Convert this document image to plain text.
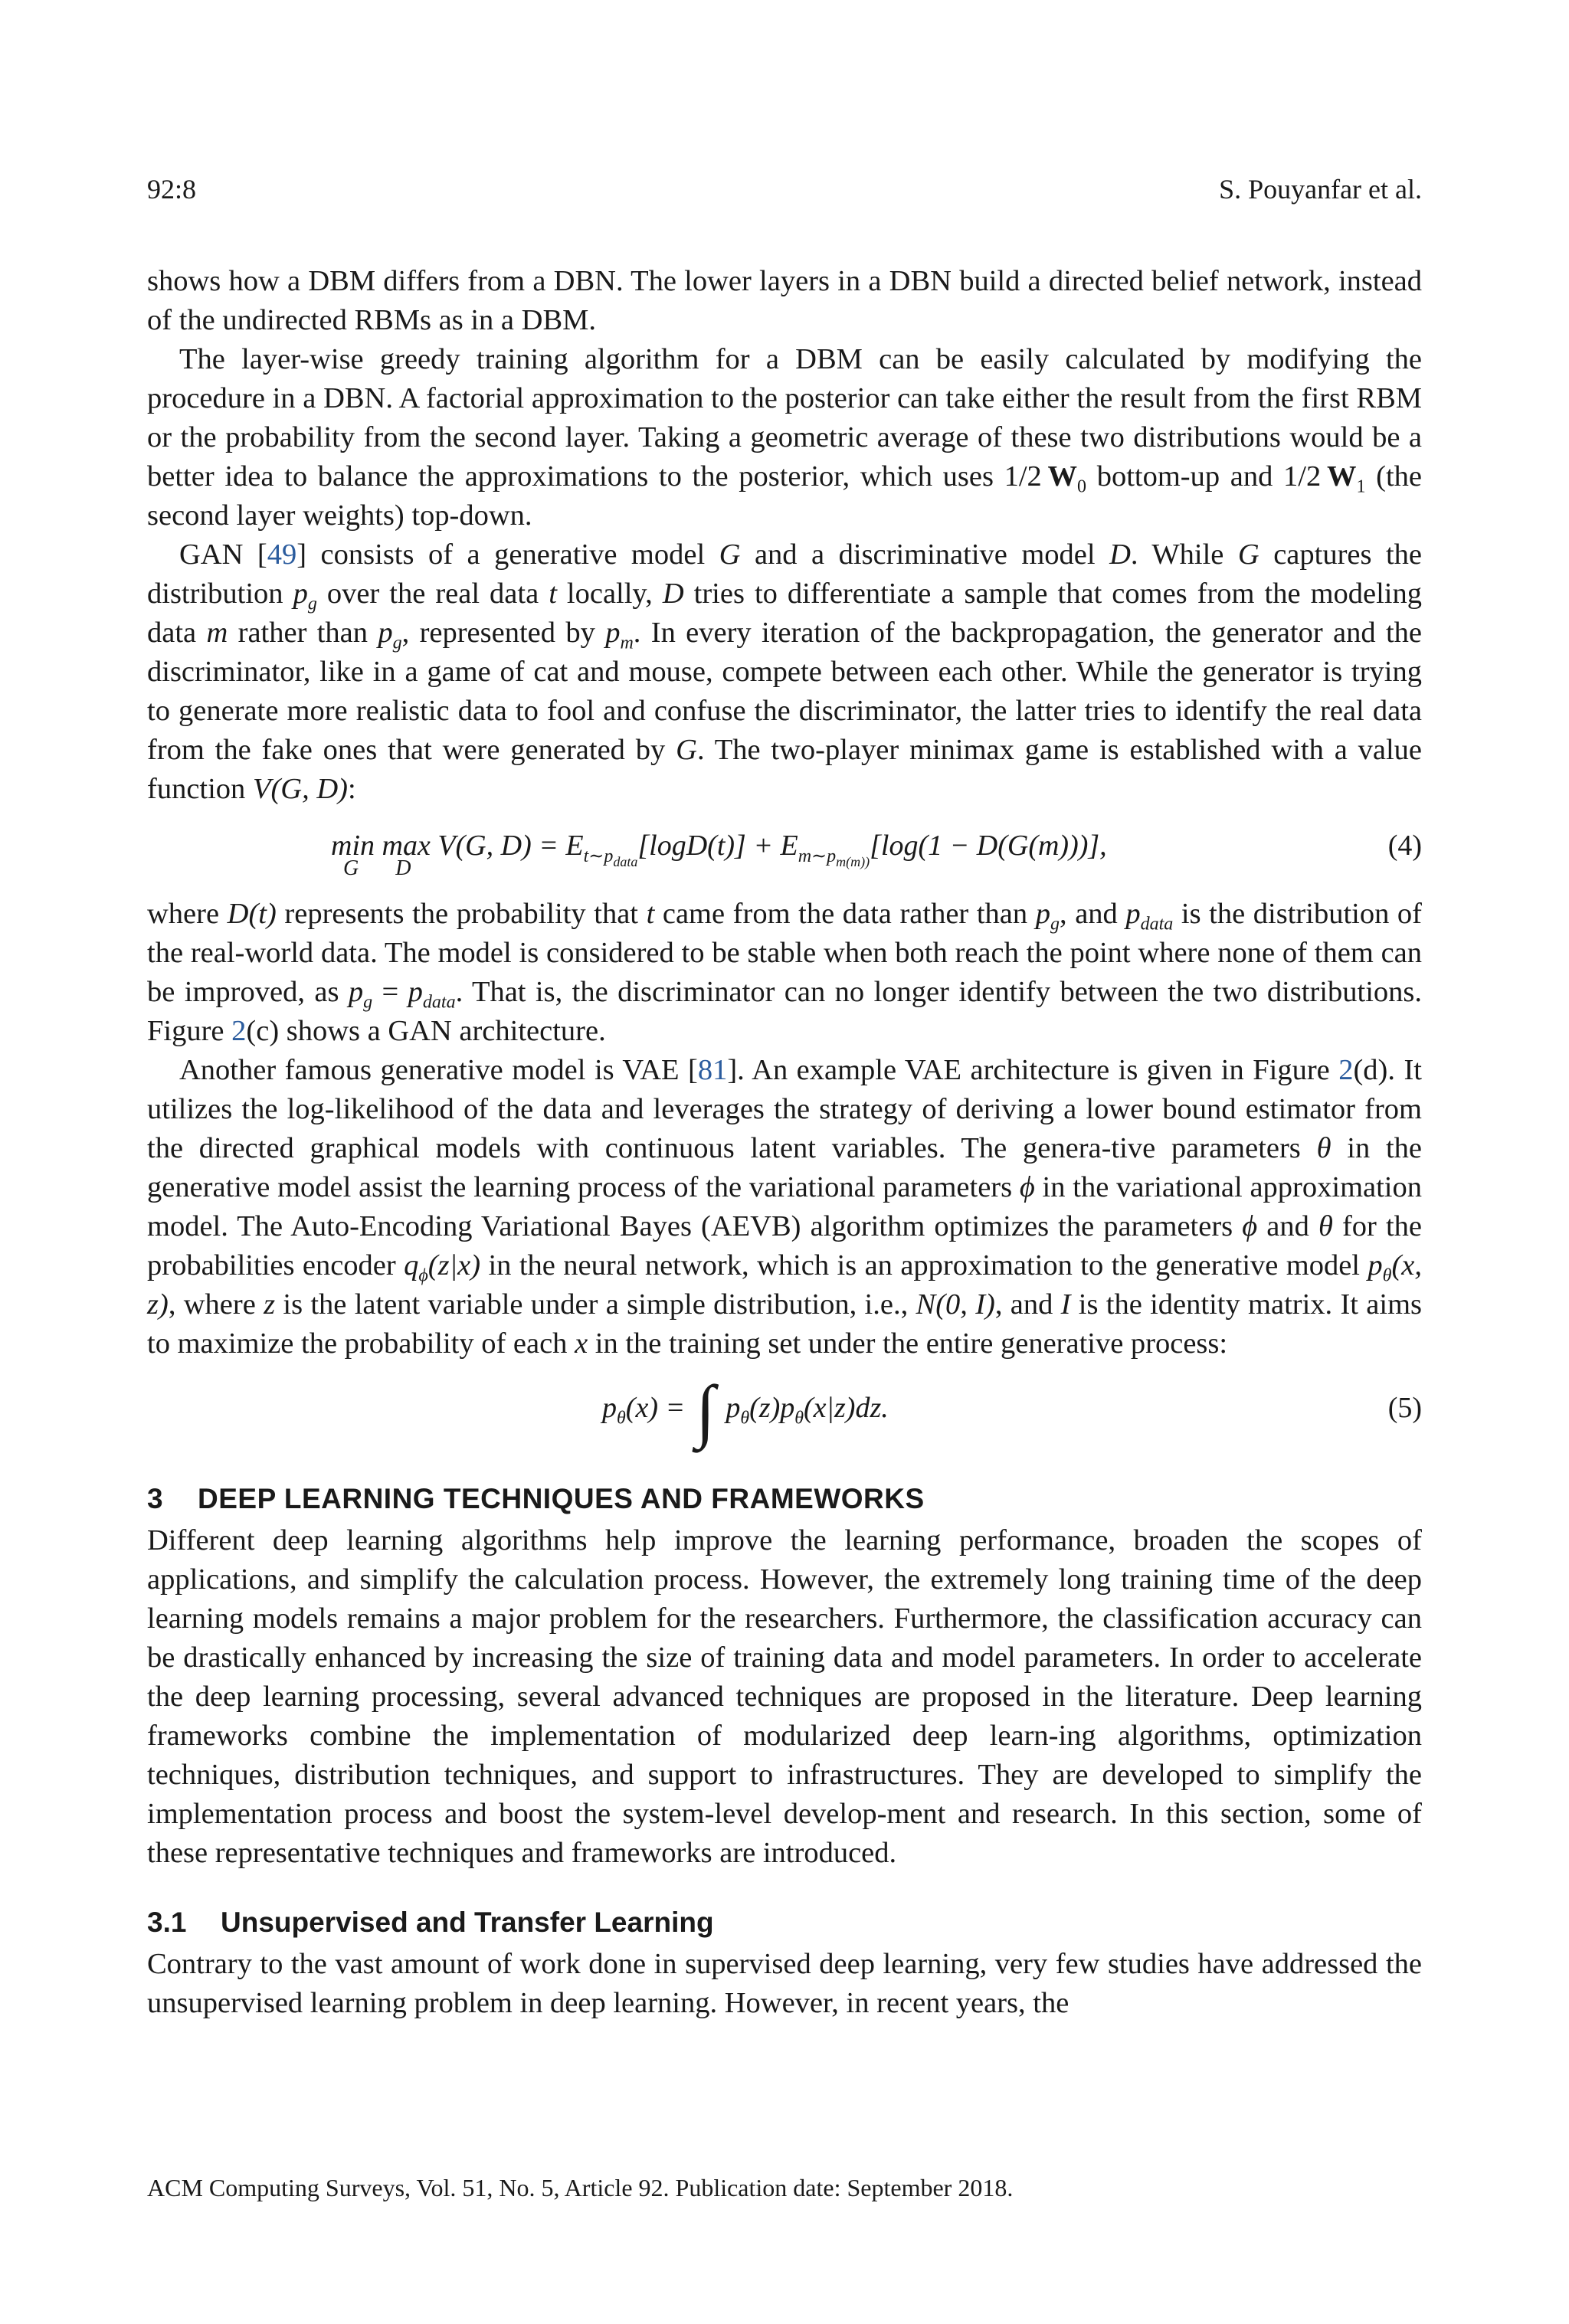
92:8	S. Pouyanfar et al.

shows how a DBM differs from a DBN. The lower layers in a DBN build a directed belief network, instead of the undirected RBMs as in a DBM.

The layer-wise greedy training algorithm for a DBM can be easily calculated by modifying the procedure in a DBN. A factorial approximation to the posterior can take either the result from the first RBM or the probability from the second layer. Taking a geometric average of these two distributions would be a better idea to balance the approximations to the posterior, which uses 1/2 $W_0$ bottom-up and 1/2 $W_1$ (the second layer weights) top-down.

GAN [49] consists of a generative model G and a discriminative model D. While G captures the distribution $p_g$ over the real data t locally, D tries to differentiate a sample that comes from the modeling data m rather than $p_g$, represented by $p_m$. In every iteration of the backpropagation, the generator and the discriminator, like in a game of cat and mouse, compete between each other. While the generator is trying to generate more realistic data to fool and confuse the discriminator, the latter tries to identify the real data from the fake ones that were generated by G. The two-player minimax game is established with a value function V(G, D):

min
G
max
D
V(G, $D) = E_{t\sim p_{data}}[\log D(t)] + E_{m\sim p_{m(m))}}[\log(1 - D(G(m)))]$,	(4)

where D(t) represents the probability that t came from the data rather than $p_g$, and $p_{data}$ is the distribution of the real-world data. The model is considered to be stable when both reach the point where none of them can be improved, as $p_g = p_{data}$. That is, the discriminator can no longer identify between the two distributions. Figure 2(c) shows a GAN architecture.

Another famous generative model is VAE [81]. An example VAE architecture is given in Figure 2(d). It utilizes the log-likelihood of the data and leverages the strategy of deriving a lower bound estimator from the directed graphical models with continuous latent variables. The genera-tive parameters θ in the generative model assist the learning process of the variational parameters ϕ in the variational approximation model. The Auto-Encoding Variational Bayes (AEVB) algorithm optimizes the parameters ϕ and θ for the probabilities encoder $q_\phi(z|x)$ in the neural network, which is an approximation to the generative model $p_\theta(x$, z), where z is the latent variable under a simple distribution, i.e., N(0, I), and I is the identity matrix. It aims to maximize the probability of each x in the training set under the entire generative process:

$p_\theta(x)$ = ∫ $p_\theta(z)p_\theta(x|z)dz$.	(5)
3 DEEP LEARNING TECHNIQUES AND FRAMEWORKS

Different deep learning algorithms help improve the learning performance, broaden the scopes of applications, and simplify the calculation process. However, the extremely long training time of the deep learning models remains a major problem for the researchers. Furthermore, the classification accuracy can be drastically enhanced by increasing the size of training data and model parameters. In order to accelerate the deep learning processing, several advanced techniques are proposed in the literature. Deep learning frameworks combine the implementation of modularized deep learn-ing algorithms, optimization techniques, distribution techniques, and support to infrastructures. They are developed to simplify the implementation process and boost the system-level develop-ment and research. In this section, some of these representative techniques and frameworks are introduced.

3.1 Unsupervised and Transfer Learning

Contrary to the vast amount of work done in supervised deep learning, very few studies have addressed the unsupervised learning problem in deep learning. However, in recent years, the

ACM Computing Surveys, Vol. 51, No. 5, Article 92. Publication date: September 2018.
